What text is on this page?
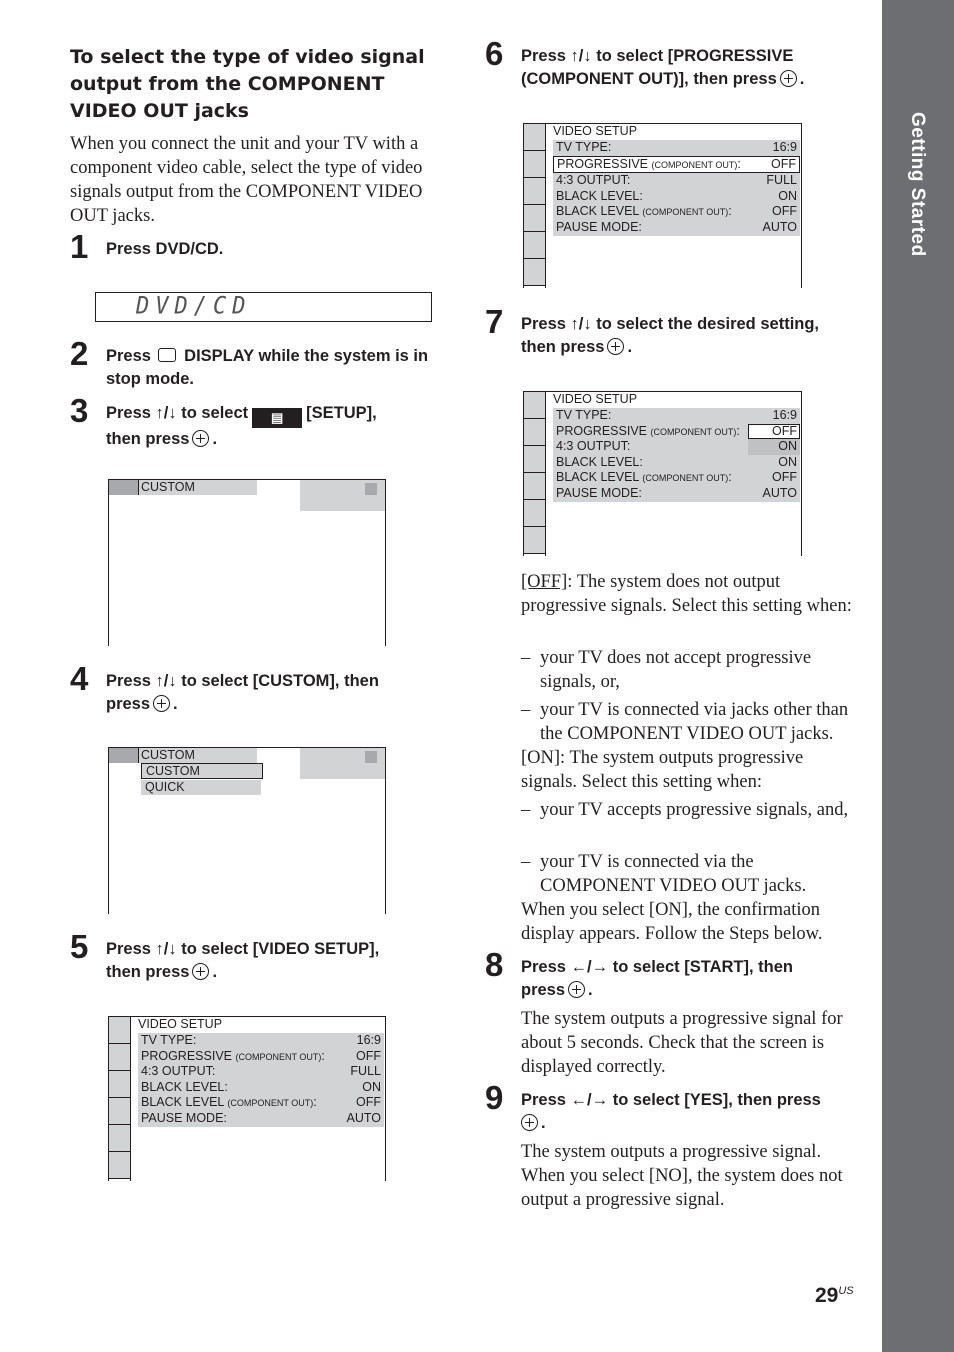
Getting Started
To select the type of video signal output from the COMPONENT VIDEO OUT jacks
When you connect the unit and your TV with a component video cable, select the type of video signals output from the COMPONENT VIDEO OUT jacks.
1 Press DVD/CD.
DVD/CD
2 Press DISPLAY while the system is in stop mode.
3 Press ↑/↓ to select ▤ [SETUP],
then press .
CUSTOM
4 Press ↑/↓ to select [CUSTOM], then
press .
CUSTOM
CUSTOM
QUICK
5 Press ↑/↓ to select [VIDEO SETUP],
then press .
VIDEO SETUP
TV TYPE:	16:9
PROGRESSIVE (COMPONENT OUT): OFF
4:3 OUTPUT:	FULL
BLACK LEVEL:	ON
BLACK LEVEL (COMPONENT OUT):	OFF
PAUSE MODE:	AUTO
6 Press ↑/↓ to select [PROGRESSIVE
(COMPONENT OUT)], then press .
VIDEO SETUP
TV TYPE:	16:9
PROGRESSIVE (COMPONENT OUT): OFF
4:3 OUTPUT:	FULL
BLACK LEVEL:	ON
BLACK LEVEL (COMPONENT OUT):	OFF
PAUSE MODE:	AUTO
7 Press ↑/↓ to select the desired setting,
then press .
VIDEO SETUP
TV TYPE:	16:9
PROGRESSIVE (COMPONENT OUT):	OFF
4:3 OUTPUT:	ON
BLACK LEVEL:	ON
BLACK LEVEL (COMPONENT OUT):	OFF
PAUSE MODE:	AUTO
[OFF]: The system does not output progressive signals. Select this setting when:
– your TV does not accept progressive signals, or,
– your TV is connected via jacks other than the COMPONENT VIDEO OUT jacks.
[ON]: The system outputs progressive signals. Select this setting when:
– your TV accepts progressive signals, and,
– your TV is connected via the COMPONENT VIDEO OUT jacks.
When you select [ON], the confirmation display appears. Follow the Steps below.
8 Press ←/→ to select [START], then
press .
The system outputs a progressive signal for about 5 seconds. Check that the screen is displayed correctly.
9 Press ←/→ to select [YES], then press
.
The system outputs a progressive signal. When you select [NO], the system does not output a progressive signal.
$29^{US}$
